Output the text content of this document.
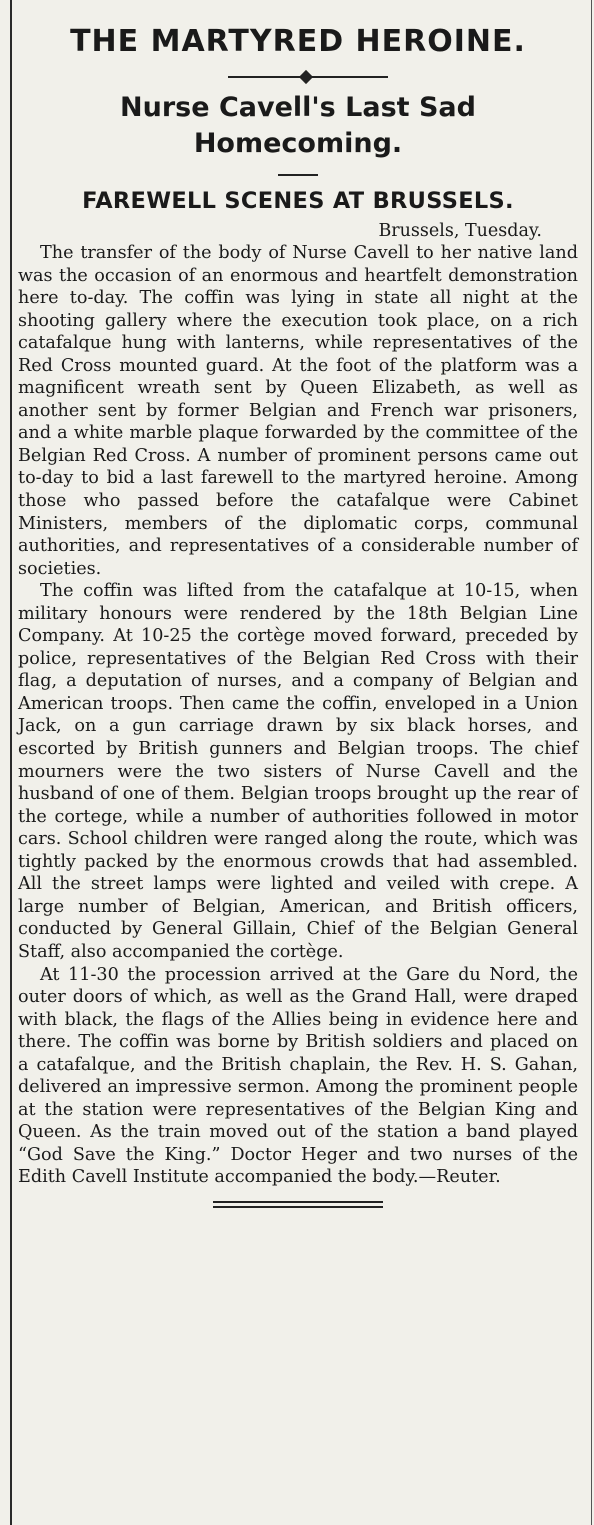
THE MARTYRED HEROINE.
Nurse Cavell's Last Sad
Homecoming.
FAREWELL SCENES AT BRUSSELS.
Brussels, Tuesday.

The transfer of the body of Nurse Cavell to her native land was the occasion of an enormous and heartfelt demonstration here to-day. The coffin was lying in state all night at the shooting gallery where the execution took place, on a rich catafalque hung with lanterns, while representatives of the Red Cross mounted guard. At the foot of the platform was a magnificent wreath sent by Queen Elizabeth, as well as another sent by former Belgian and French war prisoners, and a white marble plaque forwarded by the committee of the Belgian Red Cross. A number of prominent persons came out to-day to bid a last farewell to the martyred heroine. Among those who passed before the catafalque were Cabinet Ministers, members of the diplomatic corps, communal authorities, and representatives of a considerable number of societies.

The coffin was lifted from the catafalque at 10-15, when military honours were rendered by the 18th Belgian Line Company. At 10-25 the cortège moved forward, preceded by police, representatives of the Belgian Red Cross with their flag, a deputation of nurses, and a company of Belgian and American troops. Then came the coffin, enveloped in a Union Jack, on a gun carriage drawn by six black horses, and escorted by British gunners and Belgian troops. The chief mourners were the two sisters of Nurse Cavell and the husband of one of them. Belgian troops brought up the rear of the cortege, while a number of authorities followed in motor cars. School children were ranged along the route, which was tightly packed by the enormous crowds that had assembled. All the street lamps were lighted and veiled with crepe. A large number of Belgian, American, and British officers, conducted by General Gillain, Chief of the Belgian General Staff, also accompanied the cortège.

At 11-30 the procession arrived at the Gare du Nord, the outer doors of which, as well as the Grand Hall, were draped with black, the flags of the Allies being in evidence here and there. The coffin was borne by British soldiers and placed on a catafalque, and the British chaplain, the Rev. H. S. Gahan, delivered an impressive sermon. Among the prominent people at the station were representatives of the Belgian King and Queen. As the train moved out of the station a band played “God Save the King.” Doctor Heger and two nurses of the Edith Cavell Institute accompanied the body.—Reuter.
